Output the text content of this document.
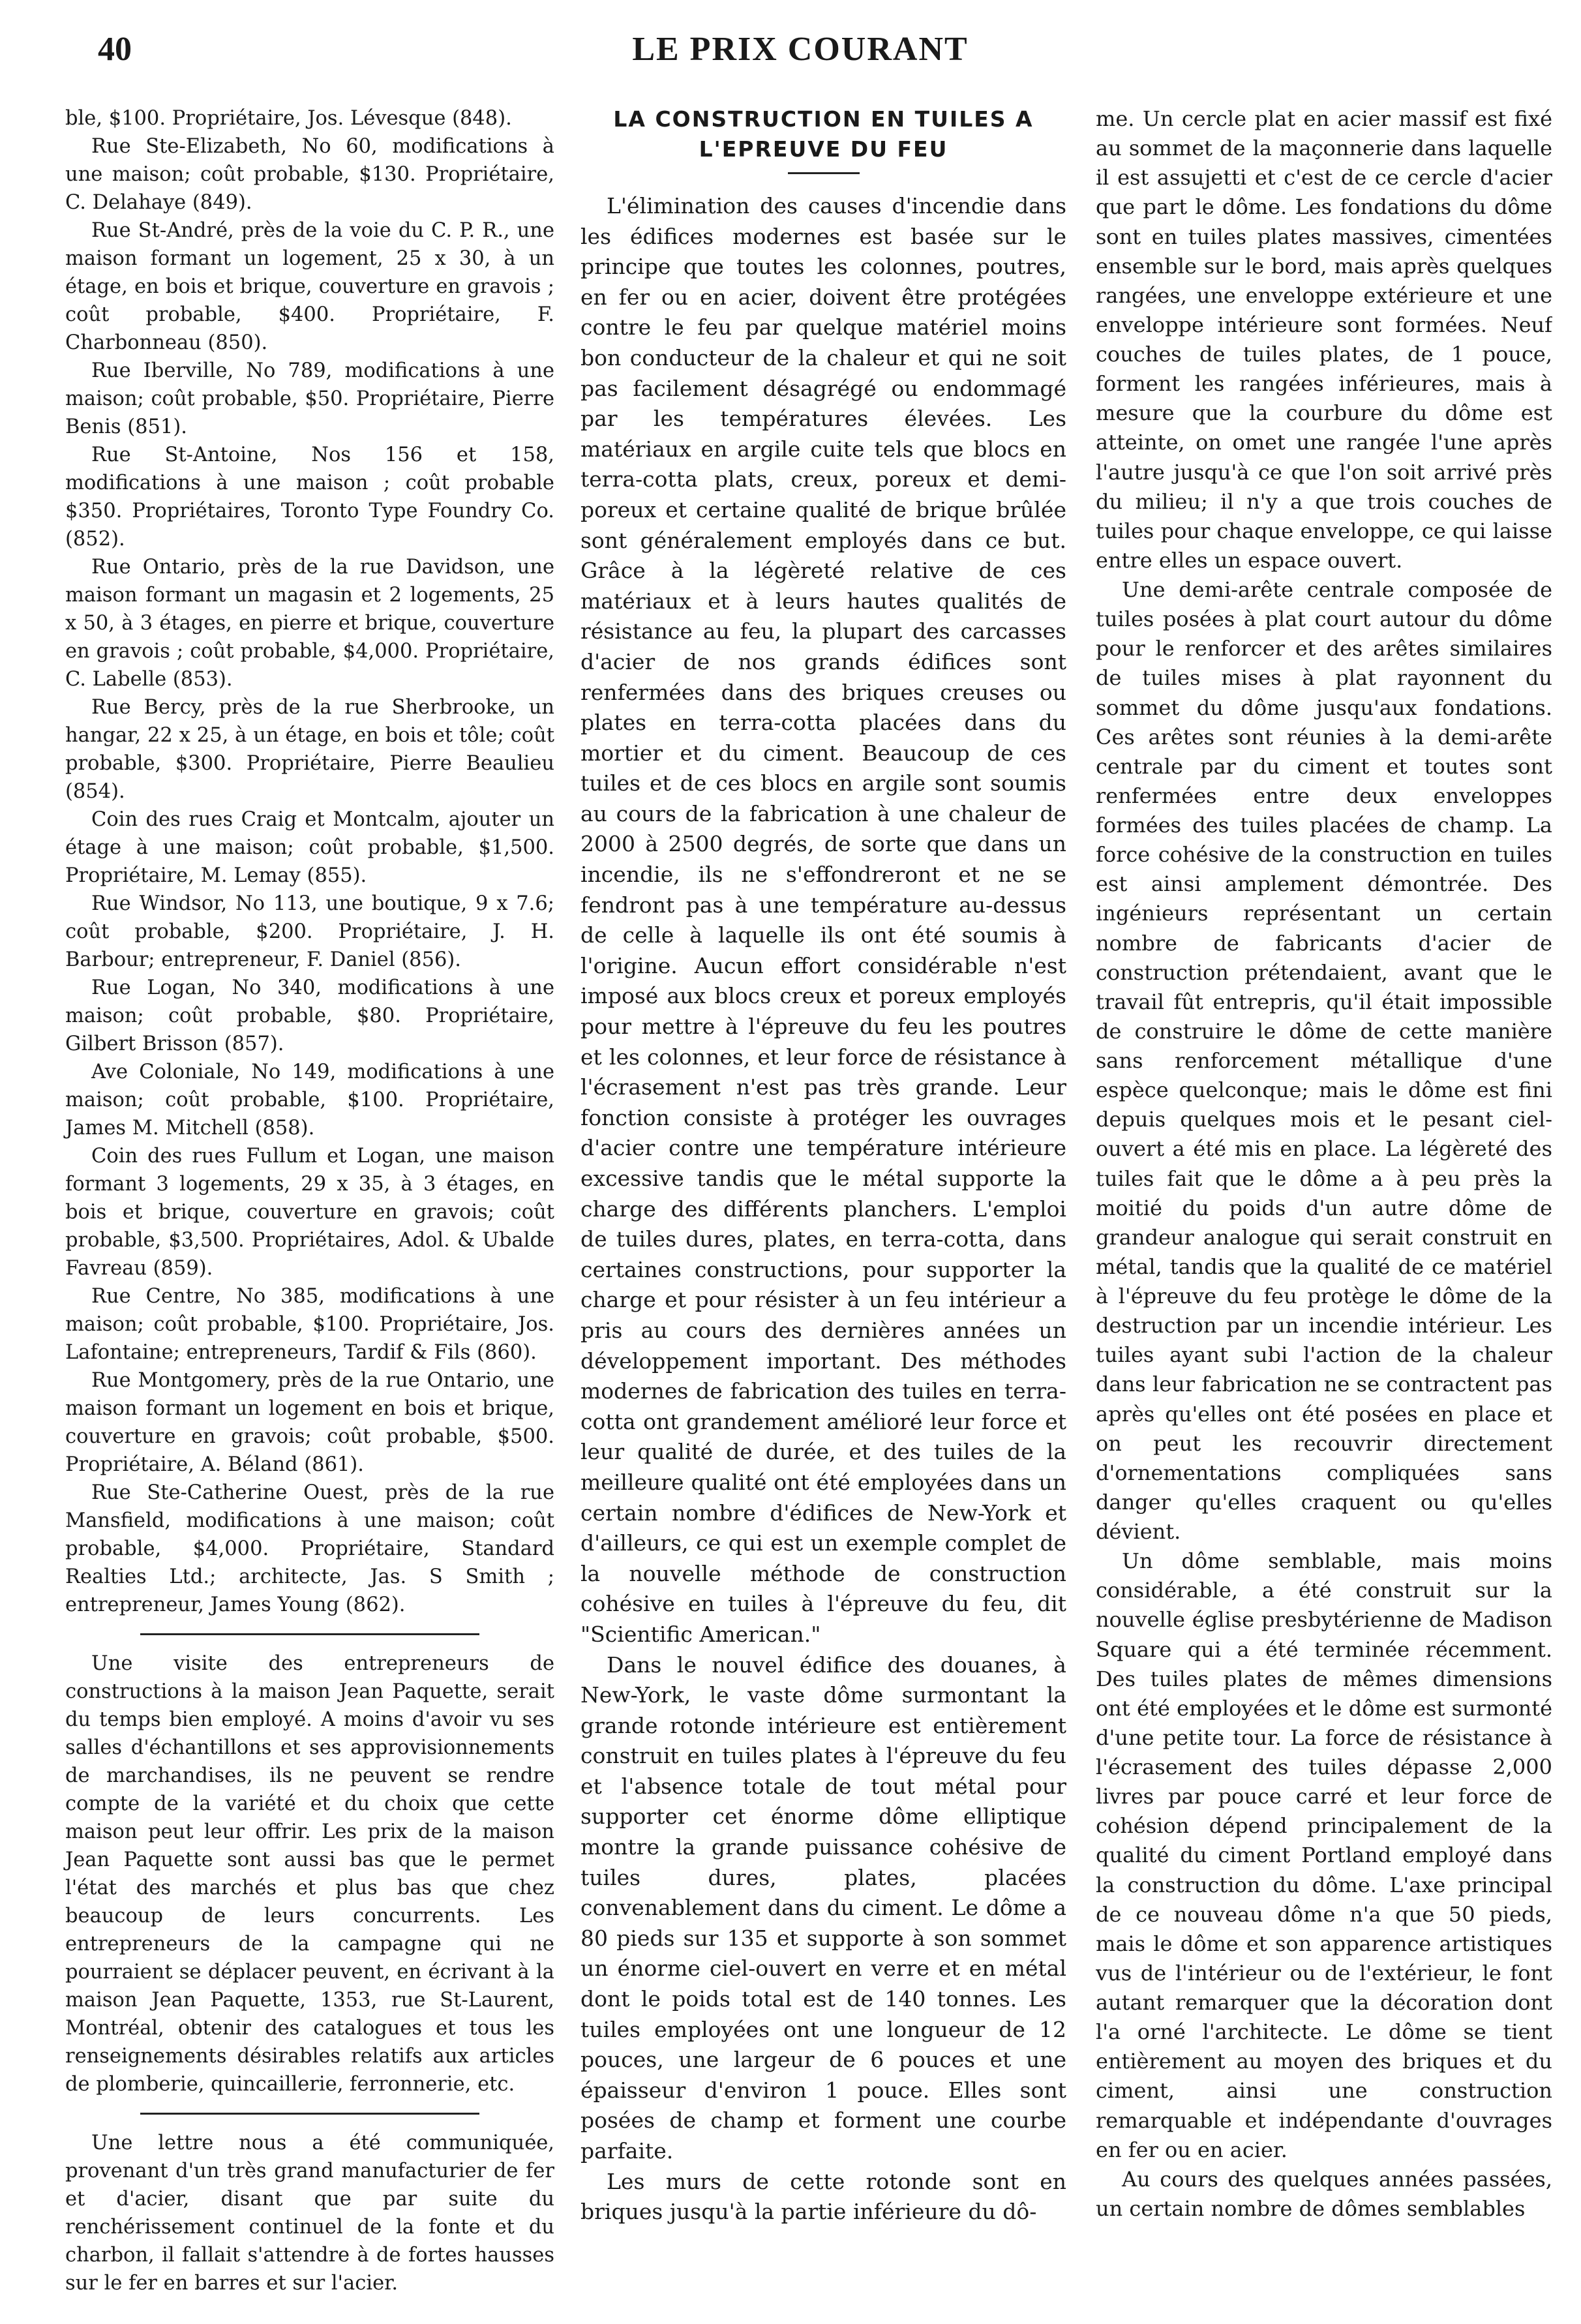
40	LE PRIX COURANT

ble, $100. Propriétaire, Jos. Lévesque (848).

Rue Ste-Elizabeth, No 60, modifications à une maison; coût probable, $130. Propriétaire, C. Delahaye (849).

Rue St-André, près de la voie du C. P. R., une maison formant un logement, 25 x 30, à un étage, en bois et brique, couverture en gravois ; coût probable, $400. Propriétaire, F. Charbonneau (850).

Rue Iberville, No 789, modifications à une maison; coût probable, $50. Propriétaire, Pierre Benis (851).

Rue St-Antoine, Nos 156 et 158, modifications à une maison ; coût probable $350. Propriétaires, Toronto Type Foundry Co. (852).

Rue Ontario, près de la rue Davidson, une maison formant un magasin et 2 logements, 25 x 50, à 3 étages, en pierre et brique, couverture en gravois ; coût probable, $4,000. Propriétaire, C. Labelle (853).

Rue Bercy, près de la rue Sherbrooke, un hangar, 22 x 25, à un étage, en bois et tôle; coût probable, $300. Propriétaire, Pierre Beaulieu (854).

Coin des rues Craig et Montcalm, ajouter un étage à une maison; coût probable, $1,500. Propriétaire, M. Lemay (855).

Rue Windsor, No 113, une boutique, 9 x 7.6; coût probable, $200. Propriétaire, J. H. Barbour; entrepreneur, F. Daniel (856).

Rue Logan, No 340, modifications à une maison; coût probable, $80. Propriétaire, Gilbert Brisson (857).

Ave Coloniale, No 149, modifications à une maison; coût probable, $100. Propriétaire, James M. Mitchell (858).

Coin des rues Fullum et Logan, une maison formant 3 logements, 29 x 35, à 3 étages, en bois et brique, couverture en gravois; coût probable, $3,500. Propriétaires, Adol. & Ubalde Favreau (859).

Rue Centre, No 385, modifications à une maison; coût probable, $100. Propriétaire, Jos. Lafontaine; entrepreneurs, Tardif & Fils (860).

Rue Montgomery, près de la rue Ontario, une maison formant un logement en bois et brique, couverture en gravois; coût probable, $500. Propriétaire, A. Béland (861).

Rue Ste-Catherine Ouest, près de la rue Mansfield, modifications à une maison; coût probable, $4,000. Propriétaire, Standard Realties Ltd.; architecte, Jas. S Smith ; entrepreneur, James Young (862).

Une visite des entrepreneurs de constructions à la maison Jean Paquette, serait du temps bien employé. A moins d'avoir vu ses salles d'échantillons et ses approvisionnements de marchandises, ils ne peuvent se rendre compte de la variété et du choix que cette maison peut leur offrir. Les prix de la maison Jean Paquette sont aussi bas que le permet l'état des marchés et plus bas que chez beaucoup de leurs concurrents. Les entrepreneurs de la campagne qui ne pourraient se déplacer peuvent, en écrivant à la maison Jean Paquette, 1353, rue St-Laurent, Montréal, obtenir des catalogues et tous les renseignements désirables relatifs aux articles de plomberie, quincaillerie, ferronnerie, etc.

Une lettre nous a été communiquée, provenant d'un très grand manufacturier de fer et d'acier, disant que par suite du renchérissement continuel de la fonte et du charbon, il fallait s'attendre à de fortes hausses sur le fer en barres et sur l'acier.

LA CONSTRUCTION EN TUILES A L'EPREUVE DU FEU

L'élimination des causes d'incendie dans les édifices modernes est basée sur le principe que toutes les colonnes, poutres, en fer ou en acier, doivent être protégées contre le feu par quelque matériel moins bon conducteur de la chaleur et qui ne soit pas facilement désagrégé ou endommagé par les températures élevées. Les matériaux en argile cuite tels que blocs en terra-cotta plats, creux, poreux et demi-poreux et certaine qualité de brique brûlée sont généralement employés dans ce but. Grâce à la légèreté relative de ces matériaux et à leurs hautes qualités de résistance au feu, la plupart des carcasses d'acier de nos grands édifices sont renfermées dans des briques creuses ou plates en terra-cotta placées dans du mortier et du ciment. Beaucoup de ces tuiles et de ces blocs en argile sont soumis au cours de la fabrication à une chaleur de 2000 à 2500 degrés, de sorte que dans un incendie, ils ne s'effondreront et ne se fendront pas à une température au-dessus de celle à laquelle ils ont été soumis à l'origine. Aucun effort considérable n'est imposé aux blocs creux et poreux employés pour mettre à l'épreuve du feu les poutres et les colonnes, et leur force de résistance à l'écrasement n'est pas très grande. Leur fonction consiste à protéger les ouvrages d'acier contre une température intérieure excessive tandis que le métal supporte la charge des différents planchers. L'emploi de tuiles dures, plates, en terra-cotta, dans certaines constructions, pour supporter la charge et pour résister à un feu intérieur a pris au cours des dernières années un développement important. Des méthodes modernes de fabrication des tuiles en terra-cotta ont grandement amélioré leur force et leur qualité de durée, et des tuiles de la meilleure qualité ont été employées dans un certain nombre d'édifices de New-York et d'ailleurs, ce qui est un exemple complet de la nouvelle méthode de construction cohésive en tuiles à l'épreuve du feu, dit "Scientific American."

Dans le nouvel édifice des douanes, à New-York, le vaste dôme surmontant la grande rotonde intérieure est entièrement construit en tuiles plates à l'épreuve du feu et l'absence totale de tout métal pour supporter cet énorme dôme elliptique montre la grande puissance cohésive de tuiles dures, plates, placées convenablement dans du ciment. Le dôme a 80 pieds sur 135 et supporte à son sommet un énorme ciel-ouvert en verre et en métal dont le poids total est de 140 tonnes. Les tuiles employées ont une longueur de 12 pouces, une largeur de 6 pouces et une épaisseur d'environ 1 pouce. Elles sont posées de champ et forment une courbe parfaite.

Les murs de cette rotonde sont en briques jusqu'à la partie inférieure du dô-

me. Un cercle plat en acier massif est fixé au sommet de la maçonnerie dans laquelle il est assujetti et c'est de ce cercle d'acier que part le dôme. Les fondations du dôme sont en tuiles plates massives, cimentées ensemble sur le bord, mais après quelques rangées, une enveloppe extérieure et une enveloppe intérieure sont formées. Neuf couches de tuiles plates, de 1 pouce, forment les rangées inférieures, mais à mesure que la courbure du dôme est atteinte, on omet une rangée l'une après l'autre jusqu'à ce que l'on soit arrivé près du milieu; il n'y a que trois couches de tuiles pour chaque enveloppe, ce qui laisse entre elles un espace ouvert.

Une demi-arête centrale composée de tuiles posées à plat court autour du dôme pour le renforcer et des arêtes similaires de tuiles mises à plat rayonnent du sommet du dôme jusqu'aux fondations. Ces arêtes sont réunies à la demi-arête centrale par du ciment et toutes sont renfermées entre deux enveloppes formées des tuiles placées de champ. La force cohésive de la construction en tuiles est ainsi amplement démontrée. Des ingénieurs représentant un certain nombre de fabricants d'acier de construction prétendaient, avant que le travail fût entrepris, qu'il était impossible de construire le dôme de cette manière sans renforcement métallique d'une espèce quelconque; mais le dôme est fini depuis quelques mois et le pesant ciel-ouvert a été mis en place. La légèreté des tuiles fait que le dôme a à peu près la moitié du poids d'un autre dôme de grandeur analogue qui serait construit en métal, tandis que la qualité de ce matériel à l'épreuve du feu protège le dôme de la destruction par un incendie intérieur. Les tuiles ayant subi l'action de la chaleur dans leur fabrication ne se contractent pas après qu'elles ont été posées en place et on peut les recouvrir directement d'ornementations compliquées sans danger qu'elles craquent ou qu'elles dévient.

Un dôme semblable, mais moins considérable, a été construit sur la nouvelle église presbytérienne de Madison Square qui a été terminée récemment. Des tuiles plates de mêmes dimensions ont été employées et le dôme est surmonté d'une petite tour. La force de résistance à l'écrasement des tuiles dépasse 2,000 livres par pouce carré et leur force de cohésion dépend principalement de la qualité du ciment Portland employé dans la construction du dôme. L'axe principal de ce nouveau dôme n'a que 50 pieds, mais le dôme et son apparence artistiques vus de l'intérieur ou de l'extérieur, le font autant remarquer que la décoration dont l'a orné l'architecte. Le dôme se tient entièrement au moyen des briques et du ciment, ainsi une construction remarquable et indépendante d'ouvrages en fer ou en acier.

Au cours des quelques années passées, un certain nombre de dômes semblables
